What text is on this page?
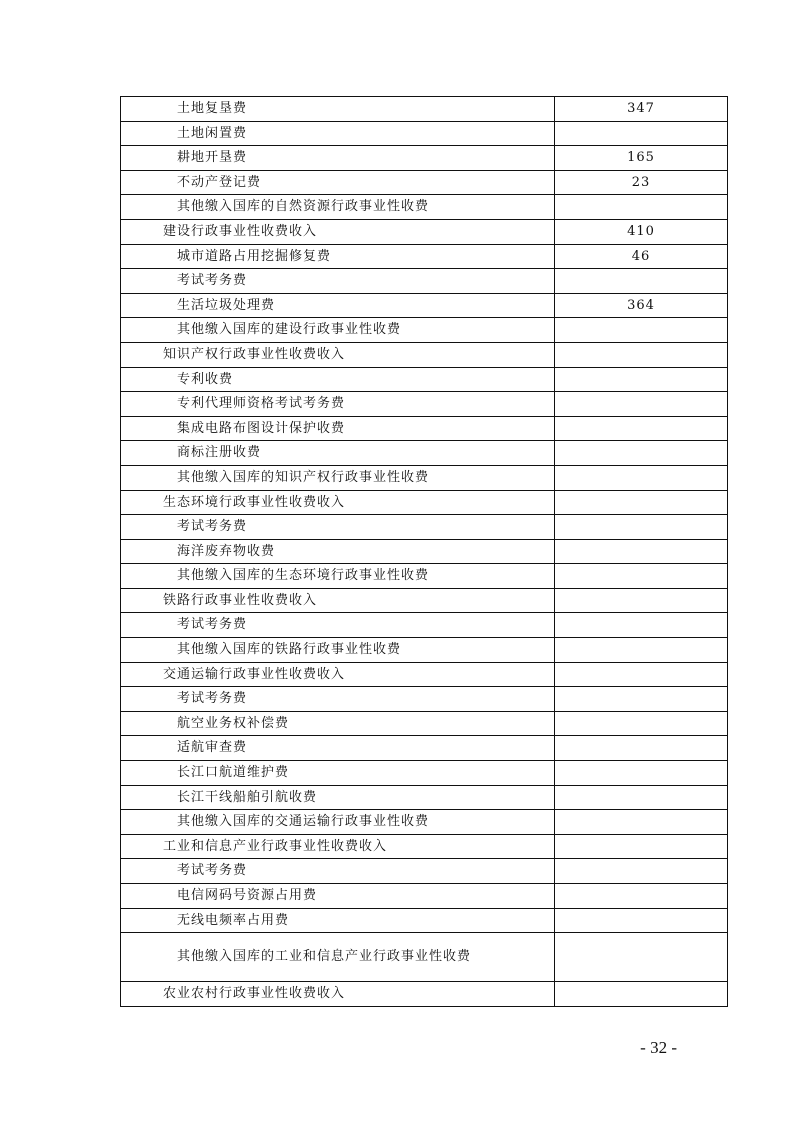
土地复垦费	347
土地闲置费	
耕地开垦费	165
不动产登记费	23
其他缴入国库的自然资源行政事业性收费	
建设行政事业性收费收入	410
城市道路占用挖掘修复费	46
考试考务费	
生活垃圾处理费	364
其他缴入国库的建设行政事业性收费	
知识产权行政事业性收费收入	
专利收费	
专利代理师资格考试考务费	
集成电路布图设计保护收费	
商标注册收费	
其他缴入国库的知识产权行政事业性收费	
生态环境行政事业性收费收入	
考试考务费	
海洋废弃物收费	
其他缴入国库的生态环境行政事业性收费	
铁路行政事业性收费收入	
考试考务费	
其他缴入国库的铁路行政事业性收费	
交通运输行政事业性收费收入	
考试考务费	
航空业务权补偿费	
适航审查费	
长江口航道维护费	
长江干线船舶引航收费	
其他缴入国库的交通运输行政事业性收费	
工业和信息产业行政事业性收费收入	
考试考务费	
电信网码号资源占用费	
无线电频率占用费	
其他缴入国库的工业和信息产业行政事业性收费	
农业农村行政事业性收费收入	
- 32 -
